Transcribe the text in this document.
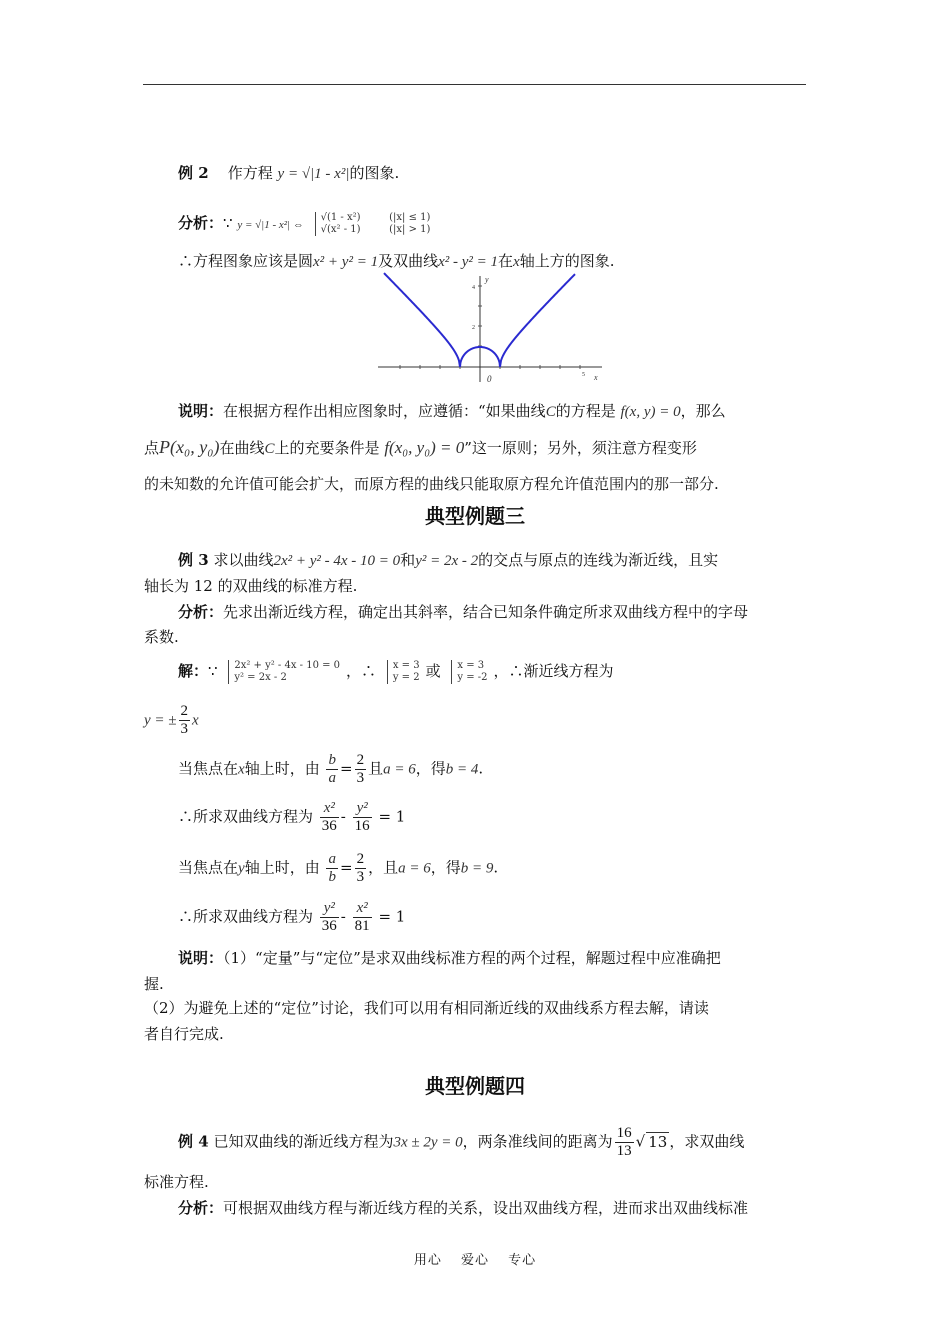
例 2 作方程 y = √|1 - x²|的图象.
分析：∵ y = √|1 - x²| ⇔ √(1 - x²)	(|x| ≤ 1)
√(x² - 1)	(|x| > 1)
∴方程图象应该是圆x² + y² = 1及双曲线x² - y² = 1在x轴上方的图象.
y
x
0
4
2
5
说明：在根据方程作出相应图象时，应遵循：“如果曲线C的方程是 f(x, y) = 0，那么
点P(x₀, y₀)在曲线C上的充要条件是 f(x₀, y₀) = 0”这一原则；另外，须注意方程变形
的未知数的允许值可能会扩大，而原方程的曲线只能取原方程允许值范围内的那一部分.
典型例题三
例 3 求以曲线2x² + y² - 4x - 10 = 0和y² = 2x - 2的交点与原点的连线为渐近线，且实
轴长为 12 的双曲线的标准方程.
分析：先求出渐近线方程，确定出其斜率，结合已知条件确定所求双曲线方程中的字母
系数.
解：∵ 2x² + y² - 4x - 10 = 0
y² = 2x - 2	，∴ x = 3
y = 2 或 x = 3
y = -2 ，∴渐近线方程为
y = ± $\frac{2}{3}$ x
当焦点在x轴上时，由 $\frac{b}{a} = \frac{2}{3}$ 且a = 6，得b = 4.
∴所求双曲线方程为 $\frac{\text{x²}}{36} - \frac{\text{y²}}{16} = 1$
当焦点在y轴上时，由 $\frac{a}{b} = \frac{2}{3}$ ，且a = 6，得b = 9.
∴所求双曲线方程为 $\frac{\text{y²}}{36} - \frac{\text{x²}}{81} = 1$
说明：（1）“定量”与“定位”是求双曲线标准方程的两个过程，解题过程中应准确把
握.
（2）为避免上述的“定位”讨论，我们可以用有相同渐近线的双曲线系方程去解，请读
者自行完成.
典型例题四
例 4 已知双曲线的渐近线方程为3x ± 2y = 0，两条准线间的距离为 $\frac{16}{13}$ √ 13 ，求双曲线
标准方程.
分析：可根据双曲线方程与渐近线方程的关系，设出双曲线方程，进而求出双曲线标准
用心 爱心 专心
